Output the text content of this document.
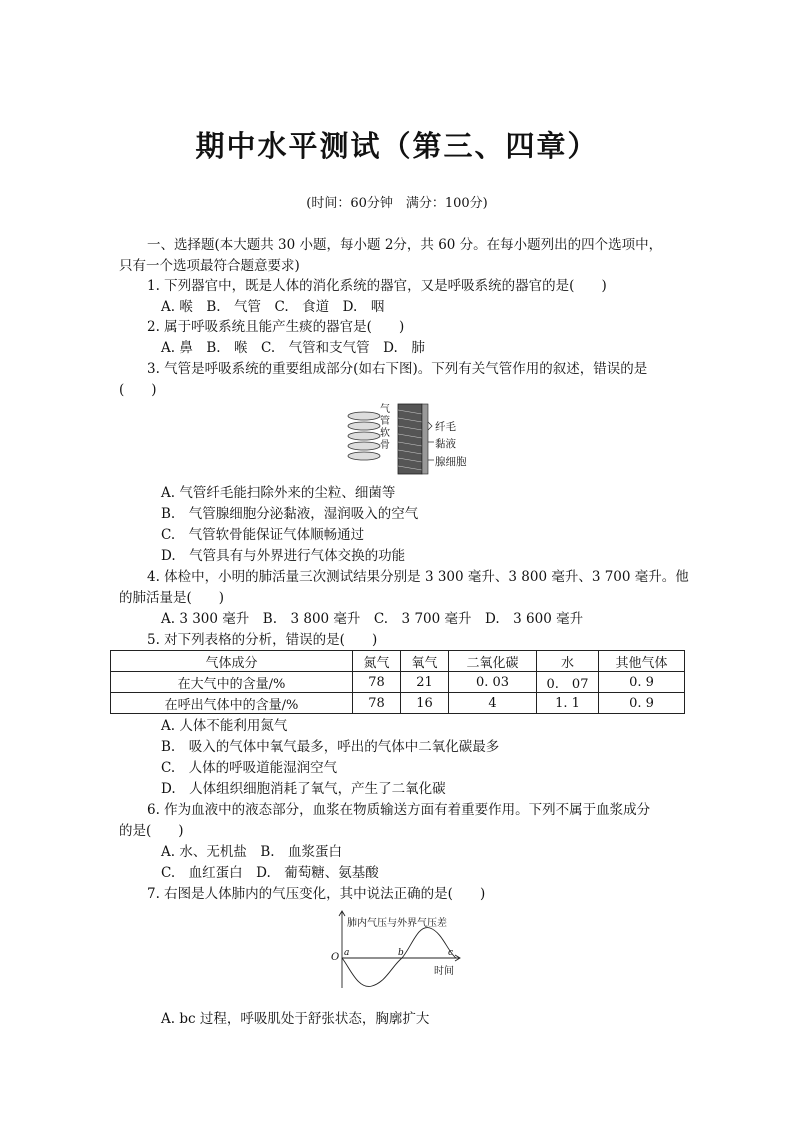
期中水平测试（第三、四章）
(时间：60分钟　满分：100分)
一、选择题(本大题共 30 小题，每小题 2分，共 60 分。在每小题列出的四个选项中，
只有一个选项最符合题意要求)
1. 下列器官中，既是人体的消化系统的器官，又是呼吸系统的器官的是(　　)
A. 喉　B.　气管　C.　食道　D.　咽
2. 属于呼吸系统且能产生痰的器官是(　　)
A. 鼻　B.　喉　C.　气管和支气管　D.　肺
3. 气管是呼吸系统的重要组成部分(如右下图)。下列有关气管作用的叙述，错误的是
(　　)
气
管
软
骨
纤毛
黏液
腺细胞
A. 气管纤毛能扫除外来的尘粒、细菌等
B.　气管腺细胞分泌黏液，湿润吸入的空气
C.　气管软骨能保证气体顺畅通过
D.　气管具有与外界进行气体交换的功能
4. 体检中，小明的肺活量三次测试结果分别是 3 300 毫升、3 800 毫升、3 700 毫升。他
的肺活量是(　　)
A. 3 300 毫升　B.　3 800 毫升　C.　3 700 毫升　D.　3 600 毫升
5. 对下列表格的分析，错误的是(　　)
气体成分	氮气	氧气	二氧化碳	水	其他气体
在大气中的含量/%	78	21	0. 03	0.　07	0. 9
在呼出气体中的含量/%	78	16	4	1. 1	0. 9
A. 人体不能利用氮气
B.　吸入的气体中氧气最多，呼出的气体中二氧化碳最多
C.　人体的呼吸道能湿润空气
D.　人体组织细胞消耗了氧气，产生了二氧化碳
6. 作为血液中的液态部分，血浆在物质输送方面有着重要作用。下列不属于血浆成分
的是(　　)
A. 水、无机盐　B.　血浆蛋白
C.　血红蛋白　D.　葡萄糖、氨基酸
7. 右图是人体肺内的气压变化，其中说法正确的是(　　)
肺内气压与外界气压差
O a	b	c
时间
A. bc 过程，呼吸肌处于舒张状态，胸廓扩大
